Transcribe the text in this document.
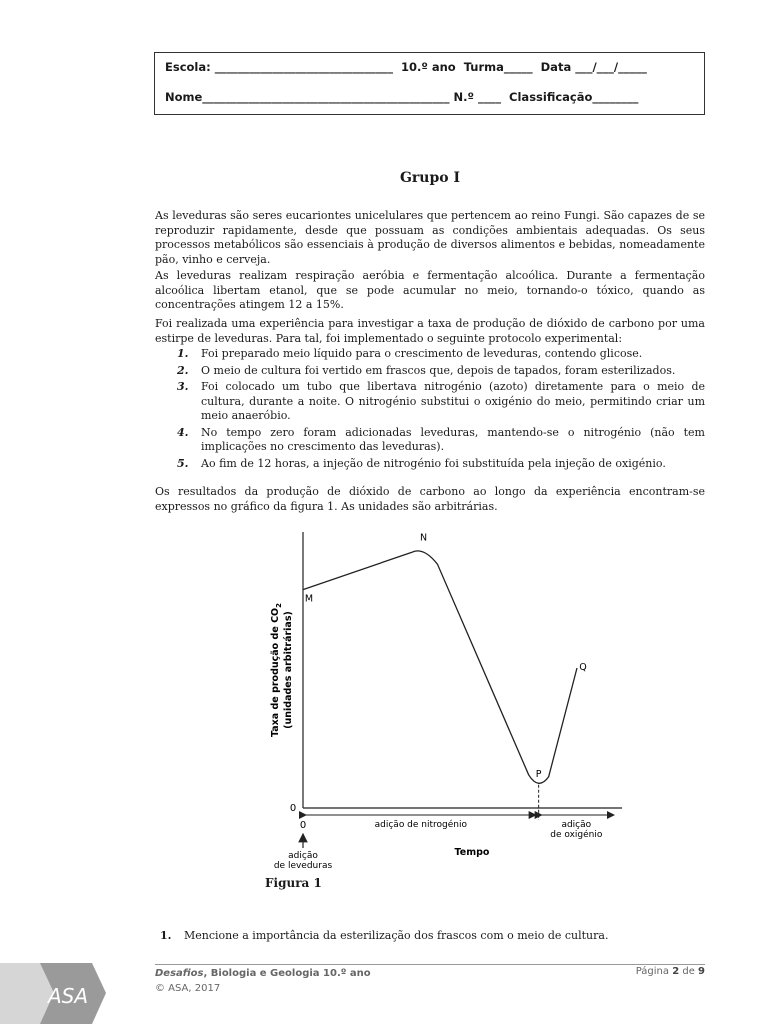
Escola: _______________________________  10.º ano  Turma_____  Data ___/___/_____
Nome___________________________________________ N.º ____  Classificação________
Grupo I

As leveduras são seres eucariontes unicelulares que pertencem ao reino Fungi. São capazes de se reproduzir rapidamente, desde que possuam as condições ambientais adequadas. Os seus processos metabólicos são essenciais à produção de diversos alimentos e bebidas, nomeadamente pão, vinho e cerveja.

As leveduras realizam respiração aeróbia e fermentação alcoólica. Durante a fermentação alcoólica libertam etanol, que se pode acumular no meio, tornando-o tóxico, quando as concentrações atingem 12 a 15%.

Foi realizada uma experiência para investigar a taxa de produção de dióxido de carbono por uma estirpe de leveduras. Para tal, foi implementado o seguinte protocolo experimental:

1. Foi preparado meio líquido para o crescimento de leveduras, contendo glicose.
2. O meio de cultura foi vertido em frascos que, depois de tapados, foram esterilizados.
3. Foi colocado um tubo que libertava nitrogénio (azoto) diretamente para o meio de cultura, durante a noite. O nitrogénio substitui o oxigénio do meio, permitindo criar um meio anaeróbio.
4. No tempo zero foram adicionadas leveduras, mantendo-se o nitrogénio (não tem implicações no crescimento das leveduras).
5. Ao fim de 12 horas, a injeção de nitrogénio foi substituída pela injeção de oxigénio.

Os resultados da produção de dióxido de carbono ao longo da experiência encontram-se expressos no gráfico da figura 1. As unidades são arbitrárias.

0
0
Taxa de produção de $CO_2$
(unidades arbitrárias)
M
N
P
Q
adição de nitrogénio	adição
de oxigénio
adição
de leveduras
Tempo
Figura 1
1. Mencione a importância da esterilização dos frascos com o meio de cultura.
ASA
Desafios, Biologia e Geologia 10.º ano
© ASA, 2017
Página 2 de 9
